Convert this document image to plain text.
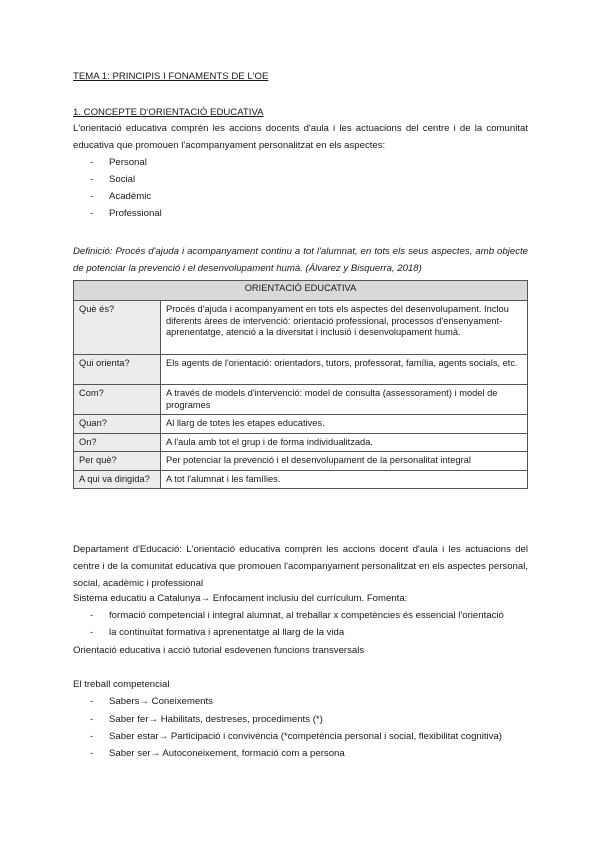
TEMA 1: PRINCIPIS I FONAMENTS DE L'OE
1. CONCEPTE D'ORIENTACIÓ EDUCATIVA
L'orientació educativa comprèn les accions docents d'aula i les actuacions del centre i de la comunitat educativa que promouen l'acompanyament personalitzat en els aspectes:
- Personal
- Social
- Acadèmic
- Professional
Definició: Procés d'ajuda i acompanyament continu a tot l'alumnat, en tots els seus aspectes, amb objecte de potenciar la prevenció i el desenvolupament humà. (Álvarez y Bisquerra, 2018)
ORIENTACIÓ EDUCATIVA	
Què és?	Procés d'ajuda i acompanyament en tots els aspectes del desenvolupament. Inclou diferents àrees de intervenció: orientació professional, processos d'ensenyament-aprenentatge, atenció a la diversitat i inclusió i desenvolupament humà.
Qui orienta?	Els agents de l'orientació: orientadors, tutors, professorat, família, agents socials, etc.
Com?	A través de models d'intervenció: model de consulta (assessorament) i model de programes
Quan?	Al llarg de totes les etapes educatives.
On?	A l'aula amb tot el grup i de forma individualitzada.
Per què?	Per potenciar la prevenció i el desenvolupament de la personalitat integral
A qui va dirigida?	A tot l'alumnat i les famílies.
Departament d'Educació: L'orientació educativa comprèn les accions docent d'aula i les actuacions del centre i de la comunitat educativa que promouen l'acompanyament personalitzat en els aspectes personal, social, acadèmic i professional
Sistema educatiu a Catalunya→ Enfocament inclusiu del currículum. Fomenta:
- formació competencial i integral alumnat, al treballar x competències és essencial l'orientació
- la continuïtat formativa i aprenentatge al llarg de la vida
Orientació educativa i acció tutorial esdevenen funcions transversals
El treball competencial
- Sabers→ Coneixements
- Saber fer→ Habilitats, destreses, procediments (*)
- Saber estar→ Participació i convivència (*competència personal i social, flexibilitat cognitiva)
- Saber ser→ Autoconeixement, formació com a persona
